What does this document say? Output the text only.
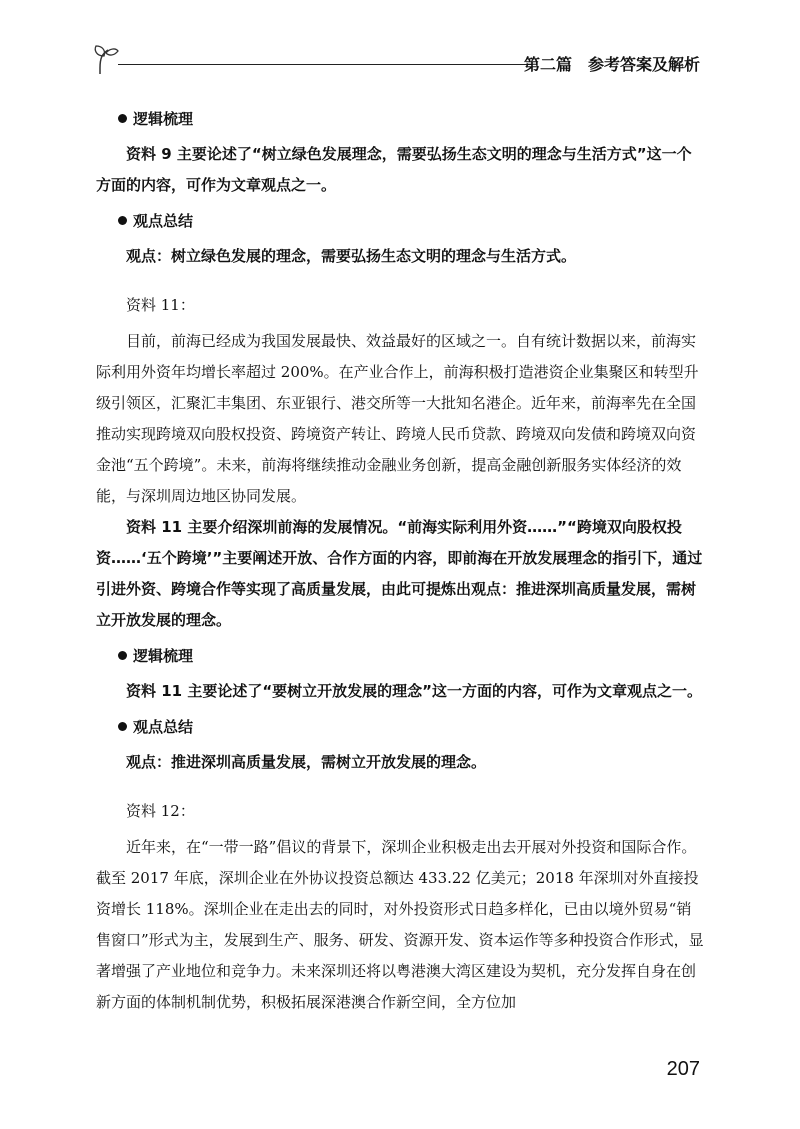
第二篇　参考答案及解析
逻辑梳理

资料 9 主要论述了“树立绿色发展理念，需要弘扬生态文明的理念与生活方式”这一个方面的内容，可作为文章观点之一。

观点总结

观点：树立绿色发展的理念，需要弘扬生态文明的理念与生活方式。

资料 11：

目前，前海已经成为我国发展最快、效益最好的区域之一。自有统计数据以来，前海实际利用外资年均增长率超过 200%。在产业合作上，前海积极打造港资企业集聚区和转型升级引领区，汇聚汇丰集团、东亚银行、港交所等一大批知名港企。近年来，前海率先在全国推动实现跨境双向股权投资、跨境资产转让、跨境人民币贷款、跨境双向发债和跨境双向资金池“五个跨境”。未来，前海将继续推动金融业务创新，提高金融创新服务实体经济的效能，与深圳周边地区协同发展。

资料 11 主要介绍深圳前海的发展情况。“前海实际利用外资……”“跨境双向股权投资……‘五个跨境’”主要阐述开放、合作方面的内容，即前海在开放发展理念的指引下，通过引进外资、跨境合作等实现了高质量发展，由此可提炼出观点：推进深圳高质量发展，需树立开放发展的理念。

逻辑梳理

资料 11 主要论述了“要树立开放发展的理念”这一方面的内容，可作为文章观点之一。

观点总结

观点：推进深圳高质量发展，需树立开放发展的理念。

资料 12：

近年来，在“一带一路”倡议的背景下，深圳企业积极走出去开展对外投资和国际合作。截至 2017 年底，深圳企业在外协议投资总额达 433.22 亿美元；2018 年深圳对外直接投资增长 118%。深圳企业在走出去的同时，对外投资形式日趋多样化，已由以境外贸易“销售窗口”形式为主，发展到生产、服务、研发、资源开发、资本运作等多种投资合作形式，显著增强了产业地位和竞争力。未来深圳还将以粤港澳大湾区建设为契机，充分发挥自身在创新方面的体制机制优势，积极拓展深港澳合作新空间，全方位加

207
